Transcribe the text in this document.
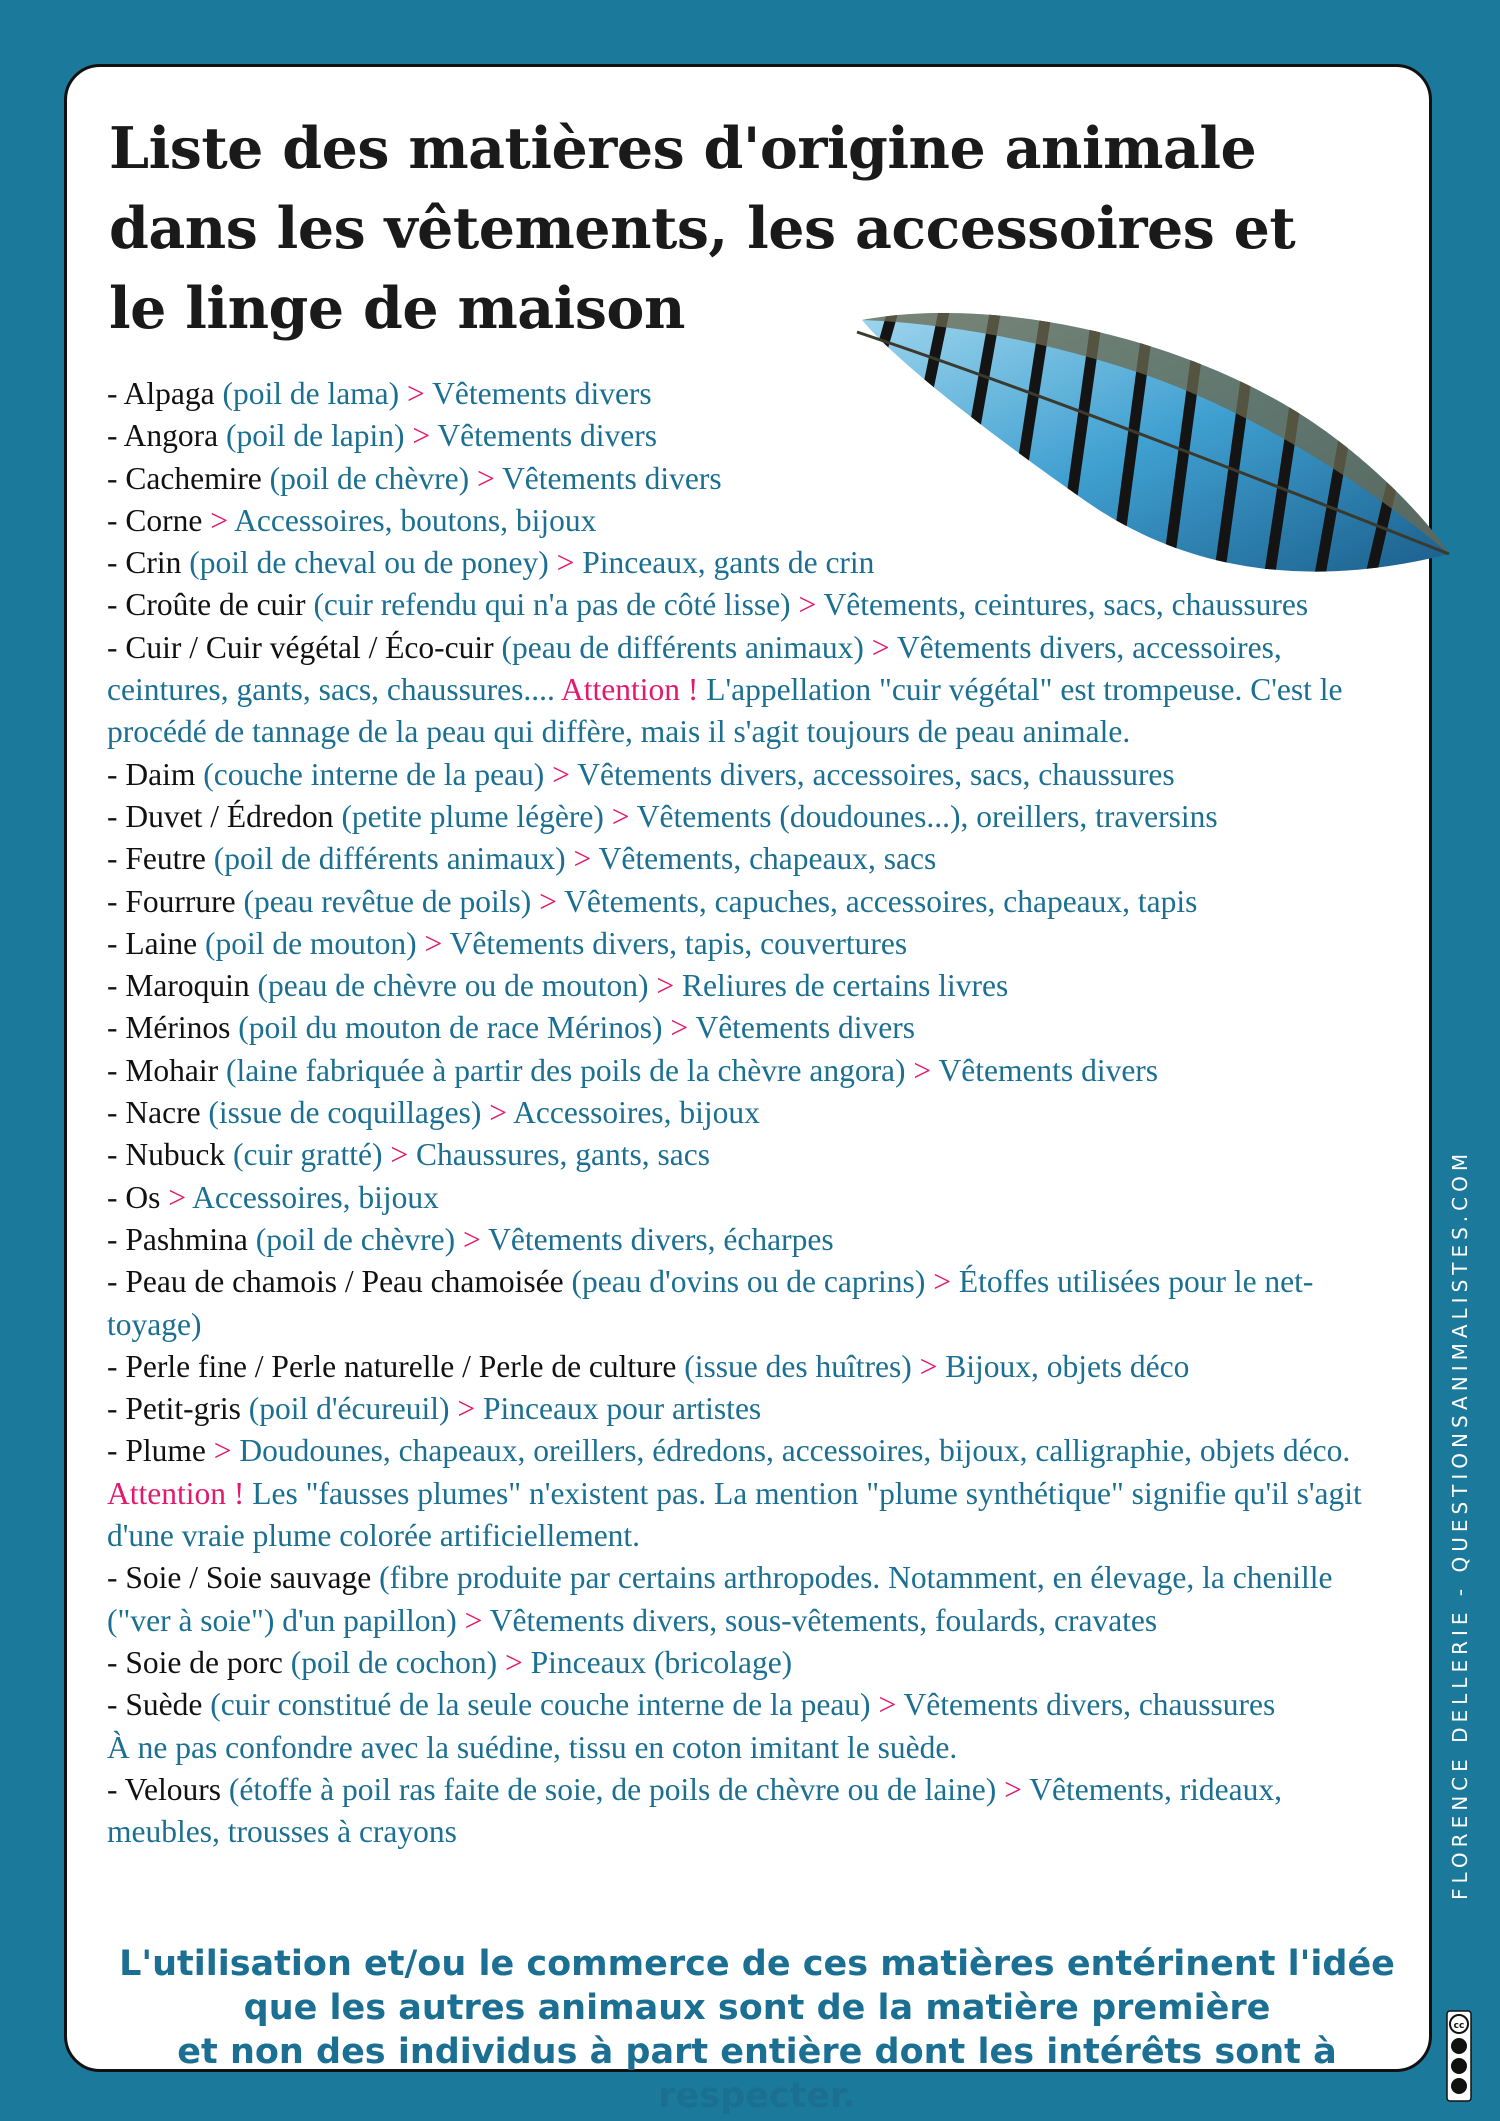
Liste des matières d'origine animale
dans les vêtements, les accessoires et
le linge de maison
- Alpaga (poil de lama) > Vêtements divers
- Angora (poil de lapin) > Vêtements divers
- Cachemire (poil de chèvre) > Vêtements divers
- Corne > Accessoires, boutons, bijoux
- Crin (poil de cheval ou de poney) > Pinceaux, gants de crin
- Croûte de cuir (cuir refendu qui n'a pas de côté lisse) > Vêtements, ceintures, sacs, chaussures
- Cuir / Cuir végétal / Éco-cuir (peau de différents animaux) > Vêtements divers, accessoires, ceintures, gants, sacs, chaussures.... Attention ! L'appellation "cuir végétal" est trompeuse. C'est le procédé de tannage de la peau qui diffère, mais il s'agit toujours de peau animale.
- Daim (couche interne de la peau) > Vêtements divers, accessoires, sacs, chaussures
- Duvet / Édredon (petite plume légère) > Vêtements (doudounes...), oreillers, traversins
- Feutre (poil de différents animaux) > Vêtements, chapeaux, sacs
- Fourrure (peau revêtue de poils) > Vêtements, capuches, accessoires, chapeaux, tapis
- Laine (poil de mouton) > Vêtements divers, tapis, couvertures
- Maroquin (peau de chèvre ou de mouton) > Reliures de certains livres
- Mérinos (poil du mouton de race Mérinos) > Vêtements divers
- Mohair (laine fabriquée à partir des poils de la chèvre angora) > Vêtements divers
- Nacre (issue de coquillages) > Accessoires, bijoux
- Nubuck (cuir gratté) > Chaussures, gants, sacs
- Os > Accessoires, bijoux
- Pashmina (poil de chèvre) > Vêtements divers, écharpes
- Peau de chamois / Peau chamoisée (peau d'ovins ou de caprins) > Étoffes utilisées pour le net- toyage)
- Perle fine / Perle naturelle / Perle de culture (issue des huîtres) > Bijoux, objets déco
- Petit-gris (poil d'écureuil) > Pinceaux pour artistes
- Plume > Doudounes, chapeaux, oreillers, édredons, accessoires, bijoux, calligraphie, objets déco. Attention ! Les "fausses plumes" n'existent pas. La mention "plume synthétique" signifie qu'il s'agit d'une vraie plume colorée artificiellement.
- Soie / Soie sauvage (fibre produite par certains arthropodes. Notamment, en élevage, la chenille ("ver à soie") d'un papillon) > Vêtements divers, sous-vêtements, foulards, cravates
- Soie de porc (poil de cochon) > Pinceaux (bricolage)
- Suède (cuir constitué de la seule couche interne de la peau) > Vêtements divers, chaussures
À ne pas confondre avec la suédine, tissu en coton imitant le suède.
- Velours (étoffe à poil ras faite de soie, de poils de chèvre ou de laine) > Vêtements, rideaux, meubles, trousses à crayons

L'utilisation et/ou le commerce de ces matières entérinent l'idée
que les autres animaux sont de la matière première
et non des individus à part entière dont les intérêts sont à respecter.

FLORENCE DELLERIE - QUESTIONSANIMALISTES.COM
cc
